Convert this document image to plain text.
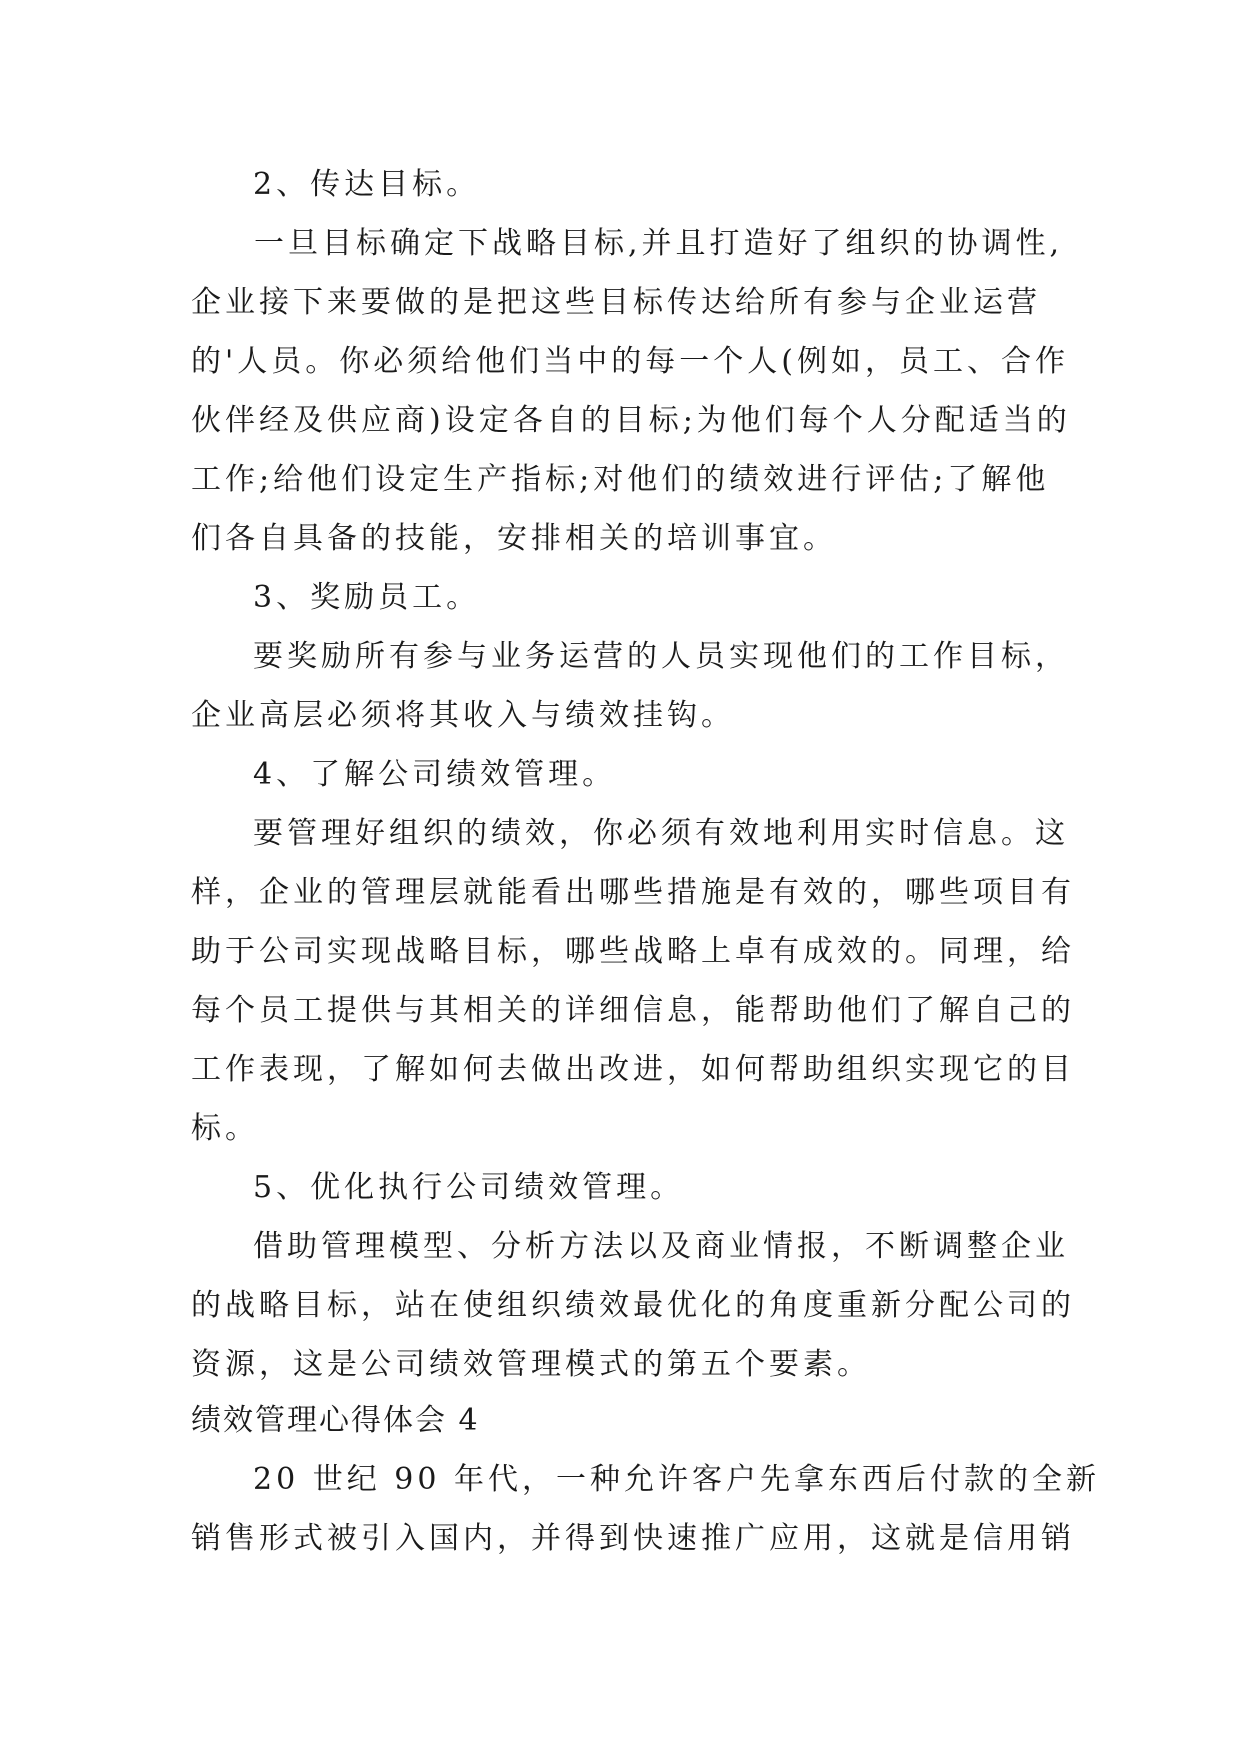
2、传达目标。
一旦目标确定下战略目标,并且打造好了组织的协调性,
企业接下来要做的是把这些目标传达给所有参与企业运营
的'人员。你必须给他们当中的每一个人(例如，员工、合作
伙伴经及供应商)设定各自的目标;为他们每个人分配适当的
工作;给他们设定生产指标;对他们的绩效进行评估;了解他
们各自具备的技能，安排相关的培训事宜。
3、奖励员工。
要奖励所有参与业务运营的人员实现他们的工作目标，
企业高层必须将其收入与绩效挂钩。
4、了解公司绩效管理。
要管理好组织的绩效，你必须有效地利用实时信息。这
样，企业的管理层就能看出哪些措施是有效的，哪些项目有
助于公司实现战略目标，哪些战略上卓有成效的。同理，给
每个员工提供与其相关的详细信息，能帮助他们了解自己的
工作表现，了解如何去做出改进，如何帮助组织实现它的目
标。
5、优化执行公司绩效管理。
借助管理模型、分析方法以及商业情报，不断调整企业
的战略目标，站在使组织绩效最优化的角度重新分配公司的
资源，这是公司绩效管理模式的第五个要素。
绩效管理心得体会 4
20 世纪 90 年代，一种允许客户先拿东西后付款的全新
销售形式被引入国内，并得到快速推广应用，这就是信用销
